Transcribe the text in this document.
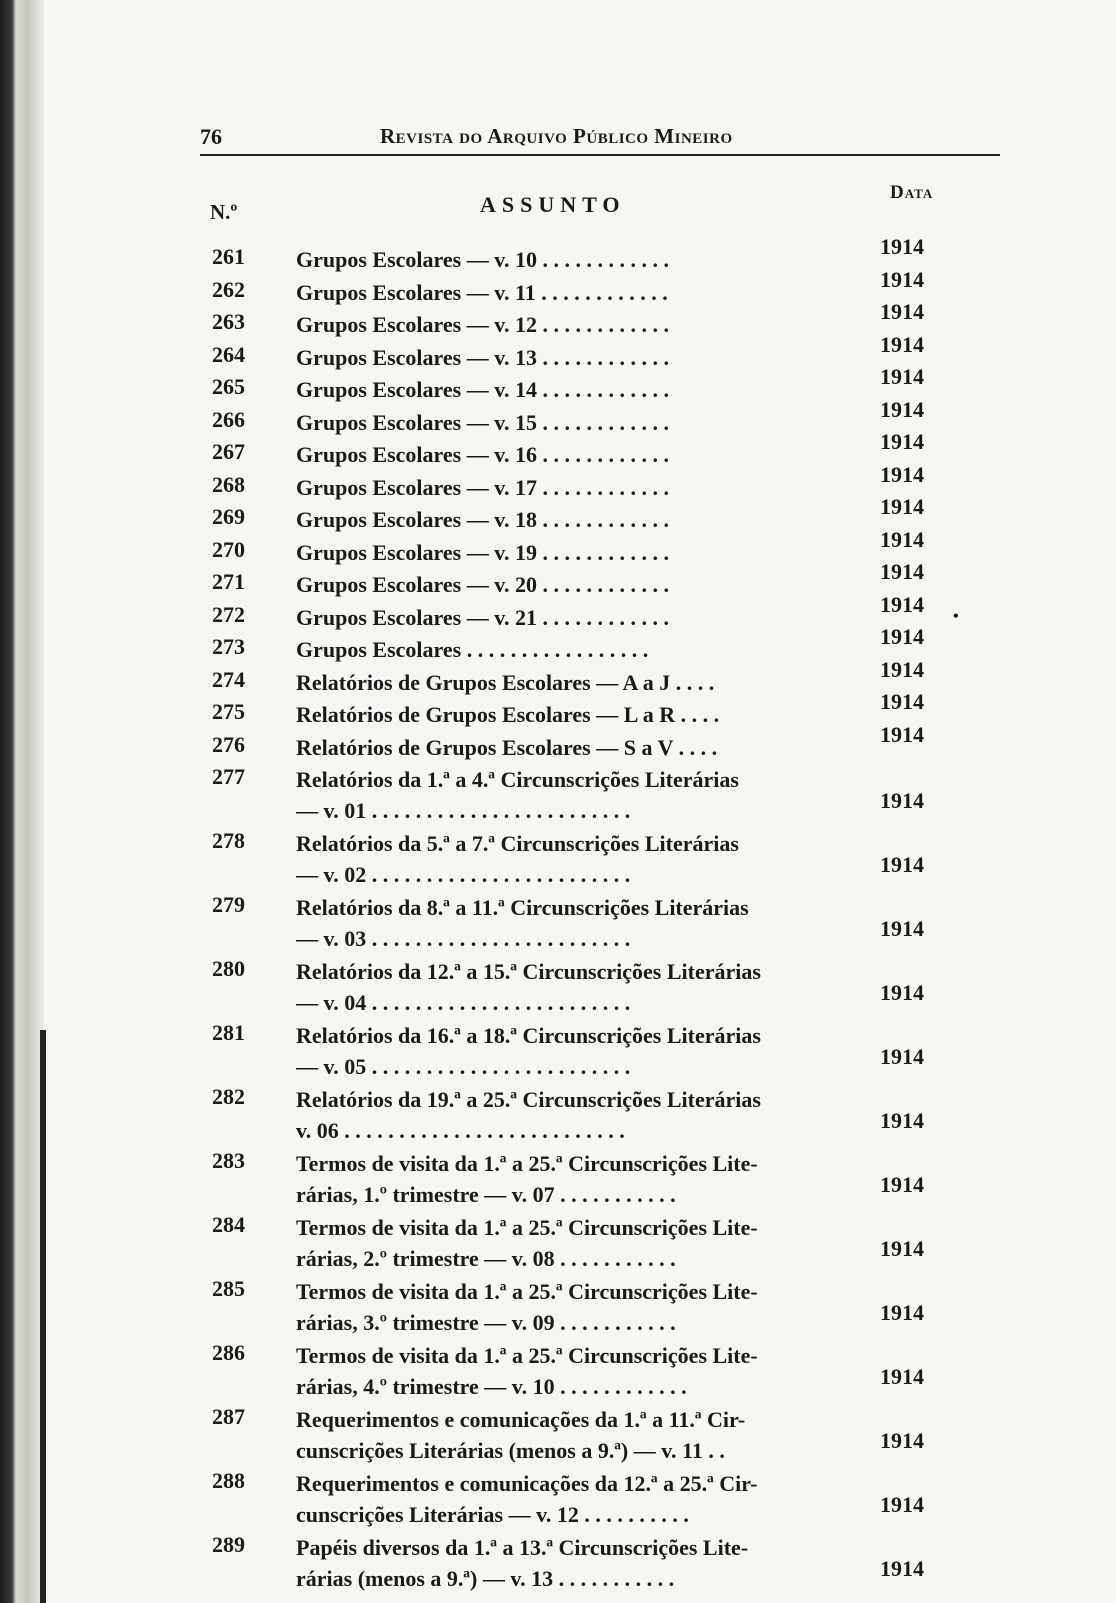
76	Revista do Arquivo Público Mineiro
N.º	ASSUNTO	Data
261 Grupos Escolares — v. 10 . . . . . . . . . . . .
1914
262 Grupos Escolares — v. 11 . . . . . . . . . . . .
1914
263 Grupos Escolares — v. 12 . . . . . . . . . . . .
1914
264 Grupos Escolares — v. 13 . . . . . . . . . . . .
1914
265 Grupos Escolares — v. 14 . . . . . . . . . . . .
1914
266 Grupos Escolares — v. 15 . . . . . . . . . . . .
1914
267 Grupos Escolares — v. 16 . . . . . . . . . . . .
1914
268 Grupos Escolares — v. 17 . . . . . . . . . . . .
1914
269 Grupos Escolares — v. 18 . . . . . . . . . . . .
1914
270 Grupos Escolares — v. 19 . . . . . . . . . . . .
1914
271 Grupos Escolares — v. 20 . . . . . . . . . . . .
1914
272 Grupos Escolares — v. 21 . . . . . . . . . . . .
1914
273 Grupos Escolares . . . . . . . . . . . . . . . . .
1914
274 Relatórios de Grupos Escolares — A a J . . . .
1914
275 Relatórios de Grupos Escolares — L a R . . . .
1914
276 Relatórios de Grupos Escolares — S a V . . . .
1914
277 Relatórios da 1.ª a 4.ª Circunscrições Literárias
— v. 01 . . . . . . . . . . . . . . . . . . . . . . . .	1914
278 Relatórios da 5.ª a 7.ª Circunscrições Literárias
— v. 02 . . . . . . . . . . . . . . . . . . . . . . . .	1914
279 Relatórios da 8.ª a 11.ª Circunscrições Literárias
— v. 03 . . . . . . . . . . . . . . . . . . . . . . . .	1914
280 Relatórios da 12.ª a 15.ª Circunscrições Literárias
— v. 04 . . . . . . . . . . . . . . . . . . . . . . . .	1914
281 Relatórios da 16.ª a 18.ª Circunscrições Literárias
— v. 05 . . . . . . . . . . . . . . . . . . . . . . . .	1914
282 Relatórios da 19.ª a 25.ª Circunscrições Literárias
v. 06 . . . . . . . . . . . . . . . . . . . . . . . . . .	1914
283 Termos de visita da 1.ª a 25.ª Circunscrições Lite-
rárias, 1.º trimestre — v. 07 . . . . . . . . . . .	1914
284 Termos de visita da 1.ª a 25.ª Circunscrições Lite-
rárias, 2.º trimestre — v. 08 . . . . . . . . . . .	1914
285 Termos de visita da 1.ª a 25.ª Circunscrições Lite-
rárias, 3.º trimestre — v. 09 . . . . . . . . . . .	1914
286 Termos de visita da 1.ª a 25.ª Circunscrições Lite-
rárias, 4.º trimestre — v. 10 . . . . . . . . . . . .	1914
287 Requerimentos e comunicações da 1.ª a 11.ª Cir-
cunscrições Literárias (menos a 9.ª) — v. 11 . .	1914
288 Requerimentos e comunicações da 12.ª a 25.ª Cir-
cunscrições Literárias — v. 12 . . . . . . . . . .	1914
289 Papéis diversos da 1.ª a 13.ª Circunscrições Lite-
rárias (menos a 9.ª) — v. 13 . . . . . . . . . . .	1914
•
